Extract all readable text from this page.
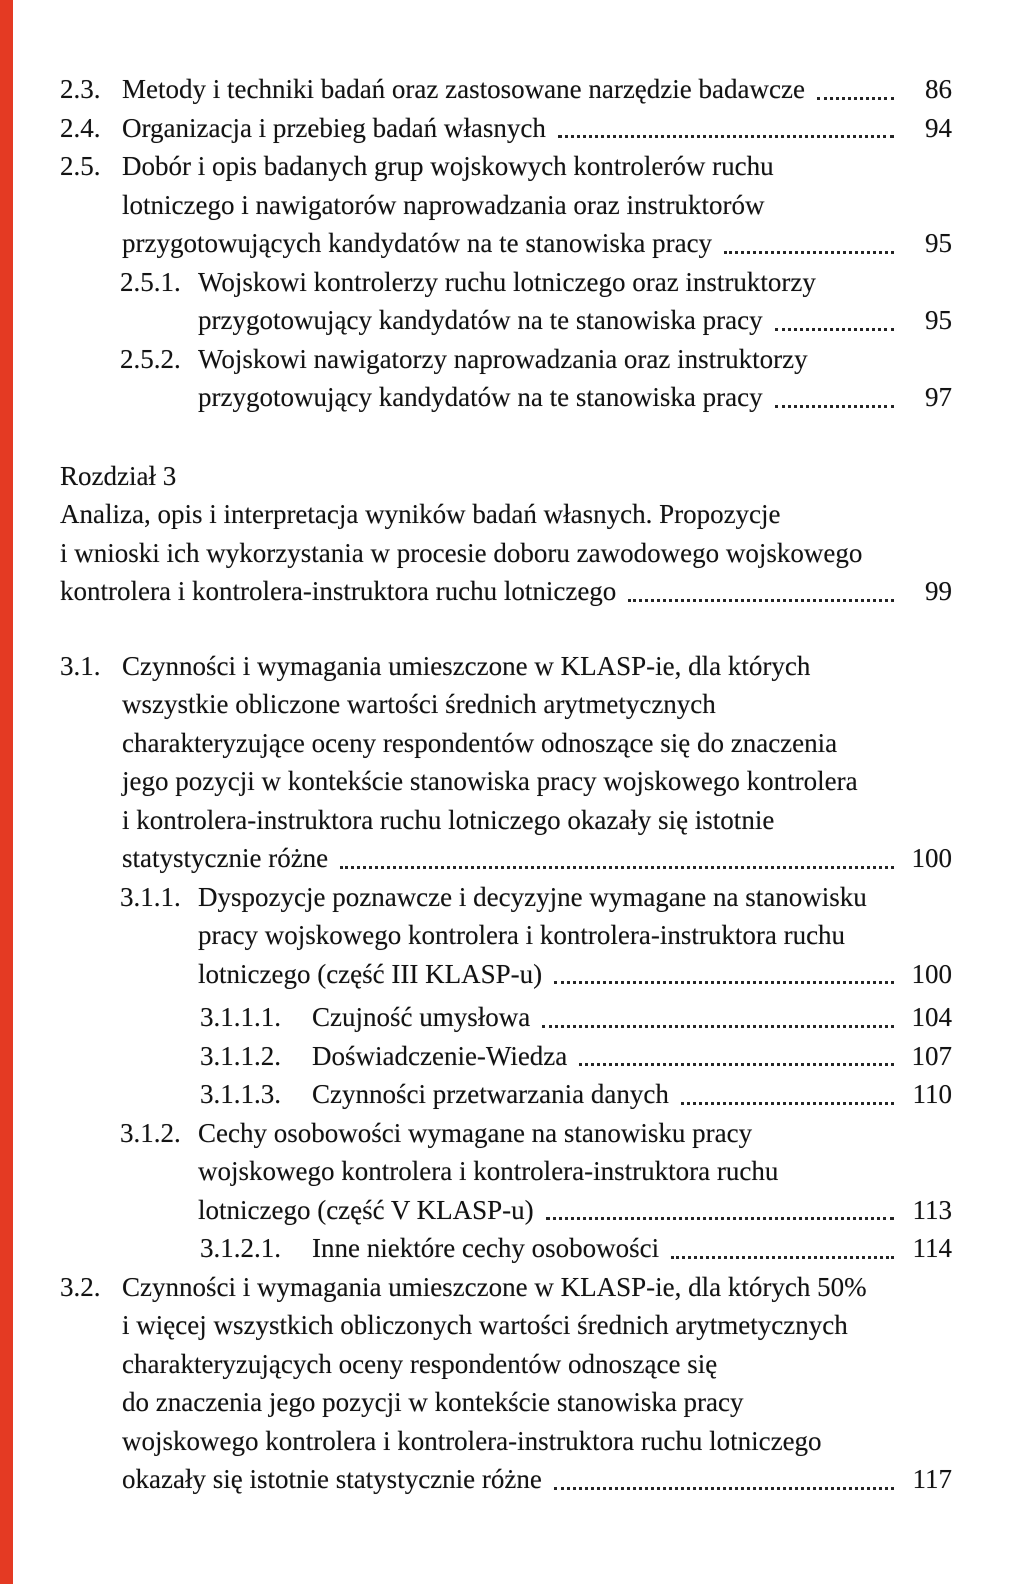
2.3. Metody i techniki badań oraz zastosowane narzędzie badawcze	86
2.4. Organizacja i przebieg badań własnych	94
2.5. Dobór i opis badanych grup wojskowych kontrolerów ruchu
lotniczego i nawigatorów naprowadzania oraz instruktorów
przygotowujących kandydatów na te stanowiska pracy	95
2.5.1. Wojskowi kontrolerzy ruchu lotniczego oraz instruktorzy
przygotowujący kandydatów na te stanowiska pracy	95
2.5.2. Wojskowi nawigatorzy naprowadzania oraz instruktorzy
przygotowujący kandydatów na te stanowiska pracy	97
Rozdział 3
Analiza, opis i interpretacja wyników badań własnych. Propozycje
i wnioski ich wykorzystania w procesie doboru zawodowego wojskowego
kontrolera i kontrolera-instruktora ruchu lotniczego	99
3.1. Czynności i wymagania umieszczone w KLASP-ie, dla których
wszystkie obliczone wartości średnich arytmetycznych
charakteryzujące oceny respondentów odnoszące się do znaczenia
jego pozycji w kontekście stanowiska pracy wojskowego kontrolera
i kontrolera-instruktora ruchu lotniczego okazały się istotnie
statystycznie różne	100
3.1.1. Dyspozycje poznawcze i decyzyjne wymagane na stanowisku
pracy wojskowego kontrolera i kontrolera-instruktora ruchu
lotniczego (część III KLASP-u)	100
3.1.1.1.	Czujność umysłowa	104
3.1.1.2.	Doświadczenie-Wiedza	107
3.1.1.3.	Czynności przetwarzania danych	110
3.1.2. Cechy osobowości wymagane na stanowisku pracy
wojskowego kontrolera i kontrolera-instruktora ruchu
lotniczego (część V KLASP-u)	113
3.1.2.1.	Inne niektóre cechy osobowości	114
3.2. Czynności i wymagania umieszczone w KLASP-ie, dla których 50%
i więcej wszystkich obliczonych wartości średnich arytmetycznych
charakteryzujących oceny respondentów odnoszące się
do znaczenia jego pozycji w kontekście stanowiska pracy
wojskowego kontrolera i kontrolera-instruktora ruchu lotniczego
okazały się istotnie statystycznie różne	117
